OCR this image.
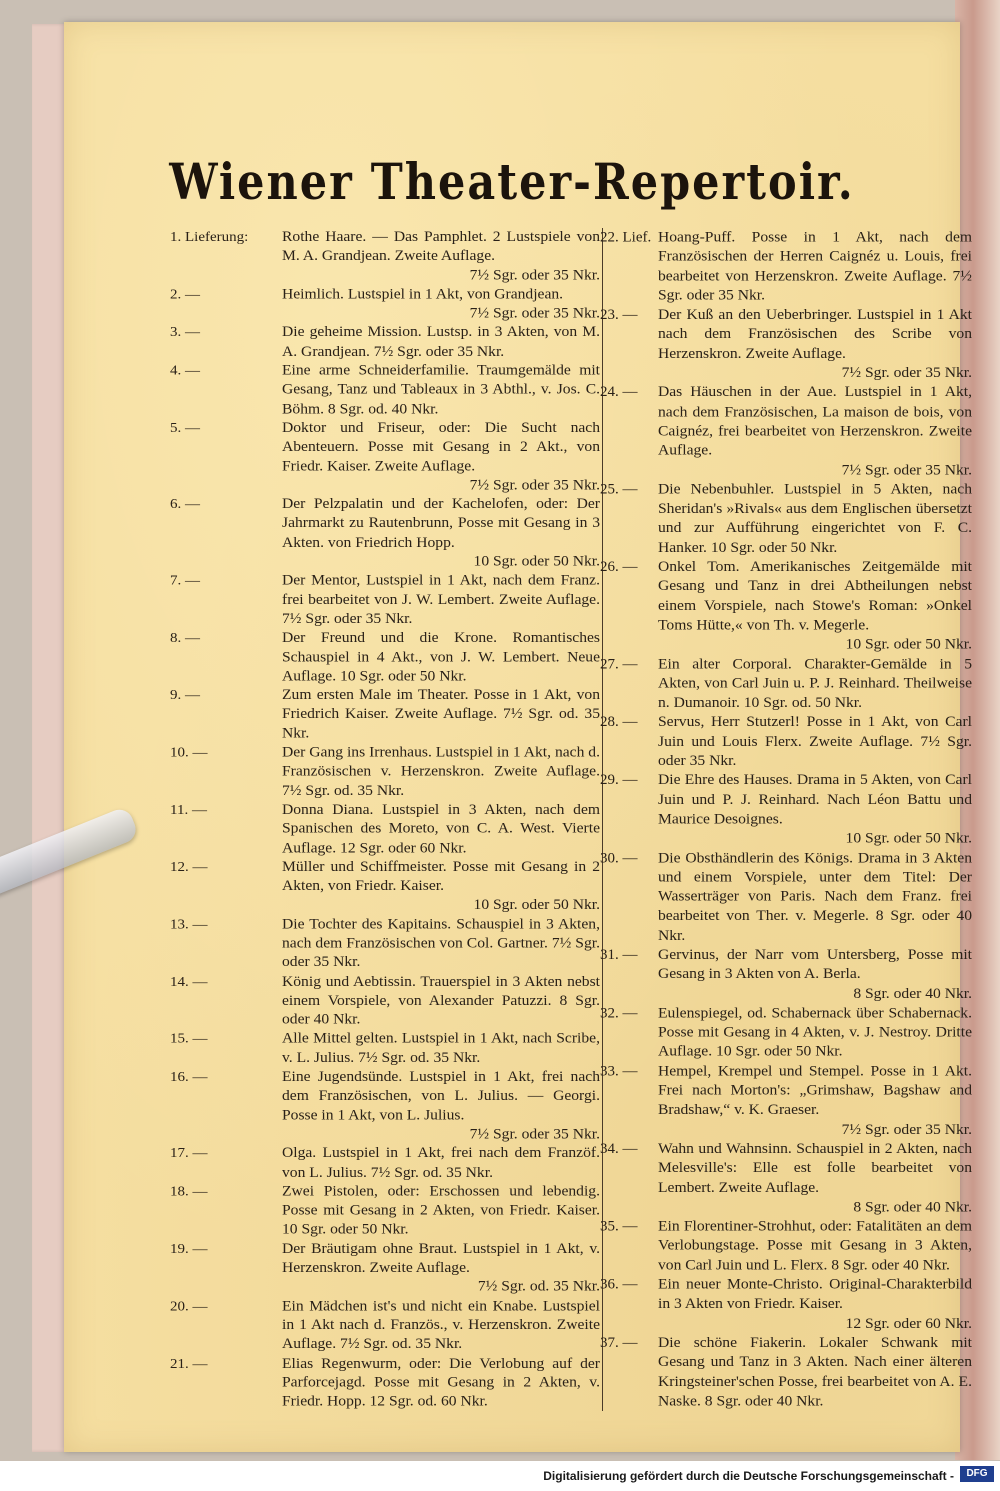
Wiener Theater-Repertoir.
1. Lieferung:	Rothe Haare. — Das Pamphlet. 2 Lustspiele von M. A. Grandjean. Zweite Auflage.
7½ Sgr. oder 35 Nkr.
2. —	Heimlich. Lustspiel in 1 Akt, von Grandjean.
7½ Sgr. oder 35 Nkr.
3. —	Die geheime Mission. Lustsp. in 3 Akten, von M. A. Grandjean. 7½ Sgr. oder 35 Nkr.
4. —	Eine arme Schneiderfamilie. Traumgemälde mit Gesang, Tanz und Tableaux in 3 Abthl., v. Jos. C. Böhm. 8 Sgr. od. 40 Nkr.
5. —	Doktor und Friseur, oder: Die Sucht nach Abenteuern. Posse mit Gesang in 2 Akt., von Friedr. Kaiser. Zweite Auflage.
7½ Sgr. oder 35 Nkr.
6. —	Der Pelzpalatin und der Kachelofen, oder: Der Jahrmarkt zu Rautenbrunn, Posse mit Gesang in 3 Akten. von Friedrich Hopp.
10 Sgr. oder 50 Nkr.
7. —	Der Mentor, Lustspiel in 1 Akt, nach dem Franz. frei bearbeitet von J. W. Lembert. Zweite Auflage. 7½ Sgr. oder 35 Nkr.
8. —	Der Freund und die Krone. Romantisches Schauspiel in 4 Akt., von J. W. Lembert. Neue Auflage. 10 Sgr. oder 50 Nkr.
9. —	Zum ersten Male im Theater. Posse in 1 Akt, von Friedrich Kaiser. Zweite Auflage. 7½ Sgr. od. 35 Nkr.
10. —	Der Gang ins Irrenhaus. Lustspiel in 1 Akt, nach d. Französischen v. Herzenskron. Zweite Auflage. 7½ Sgr. od. 35 Nkr.
11. —	Donna Diana. Lustspiel in 3 Akten, nach dem Spanischen des Moreto, von C. A. West. Vierte Auflage. 12 Sgr. oder 60 Nkr.
12. —	Müller und Schiffmeister. Posse mit Gesang in 2 Akten, von Friedr. Kaiser.
10 Sgr. oder 50 Nkr.
13. —	Die Tochter des Kapitains. Schauspiel in 3 Akten, nach dem Französischen von Col. Gartner. 7½ Sgr. oder 35 Nkr.
14. —	König und Aebtissin. Trauerspiel in 3 Akten nebst einem Vorspiele, von Alexander Patuzzi. 8 Sgr. oder 40 Nkr.
15. —	Alle Mittel gelten. Lustspiel in 1 Akt, nach Scribe, v. L. Julius. 7½ Sgr. od. 35 Nkr.
16. —	Eine Jugendsünde. Lustspiel in 1 Akt, frei nach dem Französischen, von L. Julius. — Georgi. Posse in 1 Akt, von L. Julius.
7½ Sgr. oder 35 Nkr.
17. —	Olga. Lustspiel in 1 Akt, frei nach dem Franzöf. von L. Julius. 7½ Sgr. od. 35 Nkr.
18. —	Zwei Pistolen, oder: Erschossen und lebendig. Posse mit Gesang in 2 Akten, von Friedr. Kaiser. 10 Sgr. oder 50 Nkr.
19. —	Der Bräutigam ohne Braut. Lustspiel in 1 Akt, v. Herzenskron. Zweite Auflage.
7½ Sgr. od. 35 Nkr.
20. —	Ein Mädchen ist's und nicht ein Knabe. Lustspiel in 1 Akt nach d. Französ., v. Herzenskron. Zweite Auflage. 7½ Sgr. od. 35 Nkr.
21. —	Elias Regenwurm, oder: Die Verlobung auf der Parforcejagd. Posse mit Gesang in 2 Akten, v. Friedr. Hopp. 12 Sgr. od. 60 Nkr.
22. Lief. Hoang-Puff. Posse in 1 Akt, nach dem Französischen der Herren Caignéz u. Louis, frei bearbeitet von Herzenskron. Zweite Auflage. 7½ Sgr. oder 35 Nkr.
23. —	Der Kuß an den Ueberbringer. Lustspiel in 1 Akt nach dem Französischen des Scribe von Herzenskron. Zweite Auflage.
7½ Sgr. oder 35 Nkr.
24. —	Das Häuschen in der Aue. Lustspiel in 1 Akt, nach dem Französischen, La maison de bois, von Caignéz, frei bearbeitet von Herzenskron. Zweite Auflage.
7½ Sgr. oder 35 Nkr.
25. —	Die Nebenbuhler. Lustspiel in 5 Akten, nach Sheridan's »Rivals« aus dem Englischen übersetzt und zur Aufführung eingerichtet von F. C. Hanker. 10 Sgr. oder 50 Nkr.
26. —	Onkel Tom. Amerikanisches Zeitgemälde mit Gesang und Tanz in drei Abtheilungen nebst einem Vorspiele, nach Stowe's Roman: »Onkel Toms Hütte,« von Th. v. Megerle.
10 Sgr. oder 50 Nkr.
27. —	Ein alter Corporal. Charakter-Gemälde in 5 Akten, von Carl Juin u. P. J. Reinhard. Theilweise n. Dumanoir. 10 Sgr. od. 50 Nkr.
28. —	Servus, Herr Stutzerl! Posse in 1 Akt, von Carl Juin und Louis Flerx. Zweite Auflage. 7½ Sgr. oder 35 Nkr.
29. —	Die Ehre des Hauses. Drama in 5 Akten, von Carl Juin und P. J. Reinhard. Nach Léon Battu und Maurice Desoignes.
10 Sgr. oder 50 Nkr.
30. —	Die Obsthändlerin des Königs. Drama in 3 Akten und einem Vorspiele, unter dem Titel: Der Wasserträger von Paris. Nach dem Franz. frei bearbeitet von Ther. v. Megerle. 8 Sgr. oder 40 Nkr.
31. —	Gervinus, der Narr vom Untersberg, Posse mit Gesang in 3 Akten von A. Berla.
8 Sgr. oder 40 Nkr.
32. —	Eulenspiegel, od. Schabernack über Schabernack. Posse mit Gesang in 4 Akten, v. J. Nestroy. Dritte Auflage. 10 Sgr. oder 50 Nkr.
33. —	Hempel, Krempel und Stempel. Posse in 1 Akt. Frei nach Morton's: „Grimshaw, Bagshaw and Bradshaw,“ v. K. Graeser.
7½ Sgr. oder 35 Nkr.
34. —	Wahn und Wahnsinn. Schauspiel in 2 Akten, nach Melesville's: Elle est folle bearbeitet von Lembert. Zweite Auflage.
8 Sgr. oder 40 Nkr.
35. —	Ein Florentiner-Strohhut, oder: Fatalitäten an dem Verlobungstage. Posse mit Gesang in 3 Akten, von Carl Juin und L. Flerx. 8 Sgr. oder 40 Nkr.
36. —	Ein neuer Monte-Christo. Original-Charakterbild in 3 Akten von Friedr. Kaiser.
12 Sgr. oder 60 Nkr.
37. —	Die schöne Fiakerin. Lokaler Schwank mit Gesang und Tanz in 3 Akten. Nach einer älteren Kringsteiner'schen Posse, frei bearbeitet von A. E. Naske. 8 Sgr. oder 40 Nkr.
Digitalisierung gefördert durch die Deutsche Forschungsgemeinschaft -	DFG
